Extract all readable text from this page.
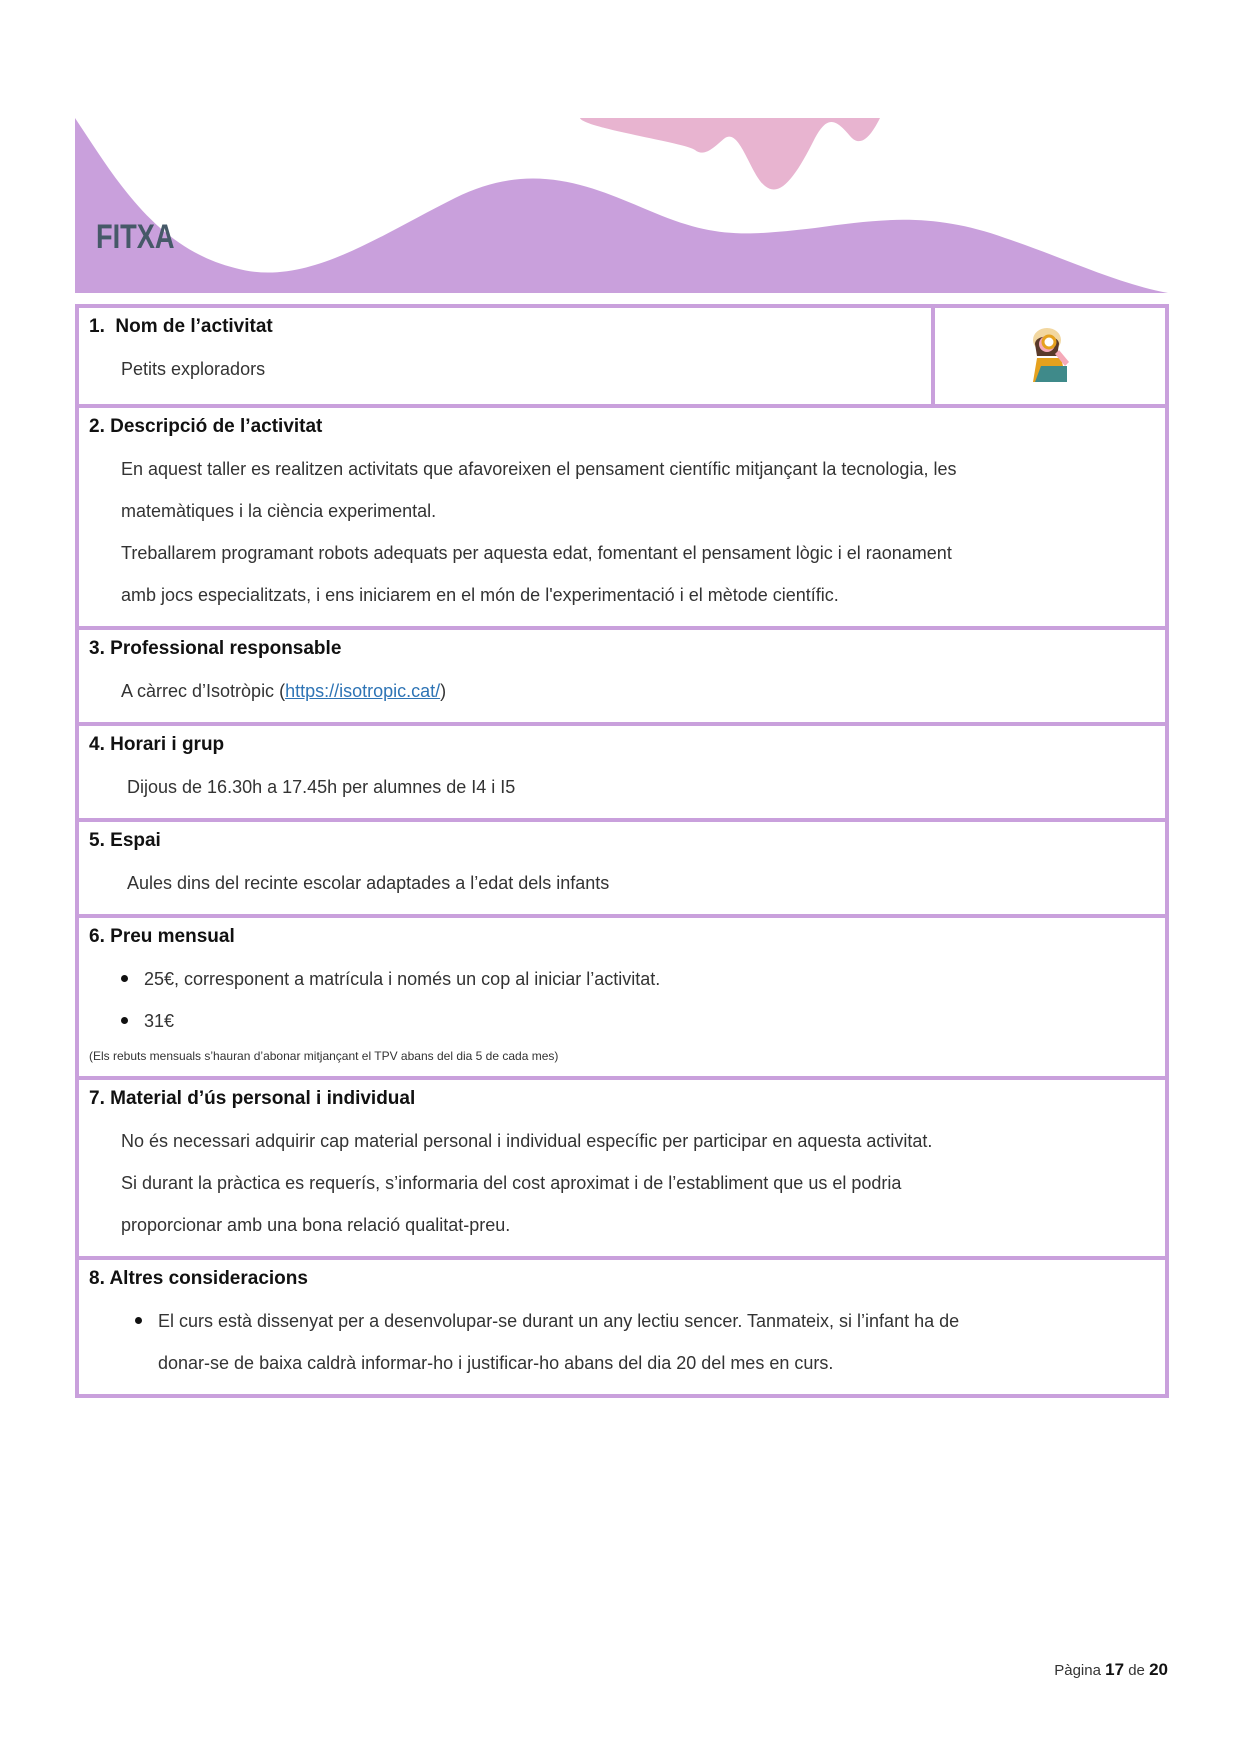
FITXA
1. Nom de l’activitat
Petits exploradors
2. Descripció de l’activitat
En aquest taller es realitzen activitats que afavoreixen el pensament científic mitjançant la tecnologia, les
matemàtiques i la ciència experimental.
Treballarem programant robots adequats per aquesta edat, fomentant el pensament lògic i el raonament
amb jocs especialitzats, i ens iniciarem en el món de l'experimentació i el mètode científic.
3. Professional responsable
A càrrec d’Isotròpic (https://isotropic.cat/)
4. Horari i grup
Dijous de 16.30h a 17.45h per alumnes de I4 i I5
5. Espai
Aules dins del recinte escolar adaptades a l’edat dels infants
6. Preu mensual
25€, corresponent a matrícula i només un cop al iniciar l’activitat.
31€
(Els rebuts mensuals s’hauran d’abonar mitjançant el TPV abans del dia 5 de cada mes)
7. Material d’ús personal i individual
No és necessari adquirir cap material personal i individual específic per participar en aquesta activitat.
Si durant la pràctica es requerís, s’informaria del cost aproximat i de l’establiment que us el podria
proporcionar amb una bona relació qualitat-preu.
8. Altres consideracions
El curs està dissenyat per a desenvolupar-se durant un any lectiu sencer. Tanmateix, si l’infant ha de
donar-se de baixa caldrà informar-ho i justificar-ho abans del dia 20 del mes en curs.
Pàgina 17 de 20
